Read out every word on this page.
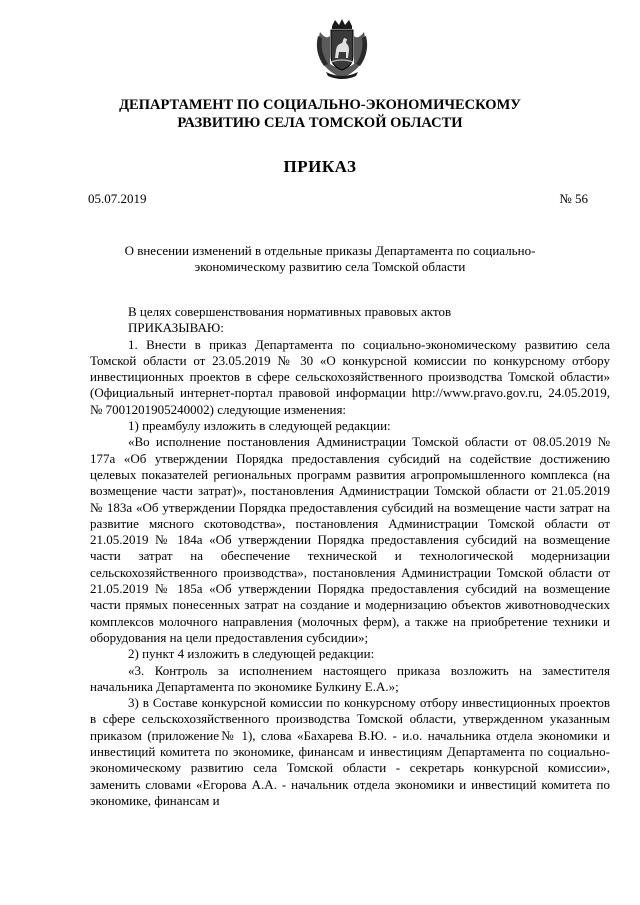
ДЕПАРТАМЕНТ ПО СОЦИАЛЬНО-ЭКОНОМИЧЕСКОМУ
РАЗВИТИЮ СЕЛА ТОМСКОЙ ОБЛАСТИ
ПРИКАЗ
05.07.2019	№ 56
О внесении изменений в отдельные приказы Департамента по социально-
экономическому развитию села Томской области

В целях совершенствования нормативных правовых актов

ПРИКАЗЫВАЮ:

1. Внести в приказ Департамента по социально-экономическому развитию села Томской области от 23.05.2019 № 30 «О конкурсной комиссии по конкурсному отбору инвестиционных проектов в сфере сельскохозяйственного производства Томской области» (Официальный интернет-портал правовой информации http://www.pravo.gov.ru, 24.05.2019, № 7001201905240002) следующие изменения:

1) преамбулу изложить в следующей редакции:

«Во исполнение постановления Администрации Томской области от 08.05.2019 № 177а «Об утверждении Порядка предоставления субсидий на содействие достижению целевых показателей региональных программ развития агропромышленного комплекса (на возмещение части затрат)», постановления Администрации Томской области от 21.05.2019 № 183а «Об утверждении Порядка предоставления субсидий на возмещение части затрат на развитие мясного скотоводства», постановления Администрации Томской области от 21.05.2019 № 184а «Об утверждении Порядка предоставления субсидий на возмещение части затрат на обеспечение технической и технологической модернизации сельскохозяйственного производства», постановления Администрации Томской области от 21.05.2019 № 185а «Об утверждении Порядка предоставления субсидий на возмещение части прямых понесенных затрат на создание и модернизацию объектов животноводческих комплексов молочного направления (молочных ферм), а также на приобретение техники и оборудования на цели предоставления субсидии»;

2) пункт 4 изложить в следующей редакции:

«3. Контроль за исполнением настоящего приказа возложить на заместителя начальника Департамента по экономике Булкину Е.А.»;

3) в Составе конкурсной комиссии по конкурсному отбору инвестиционных проектов в сфере сельскохозяйственного производства Томской области, утвержденном указанным приказом (приложение№ 1), слова «Бахарева В.Ю. - и.о. начальника отдела экономики и инвестиций комитета по экономике, финансам и инвестициям Департамента по социально-экономическому развитию села Томской области - секретарь конкурсной комиссии», заменить словами «Егорова А.А. - начальник отдела экономики и инвестиций комитета по экономике, финансам и
